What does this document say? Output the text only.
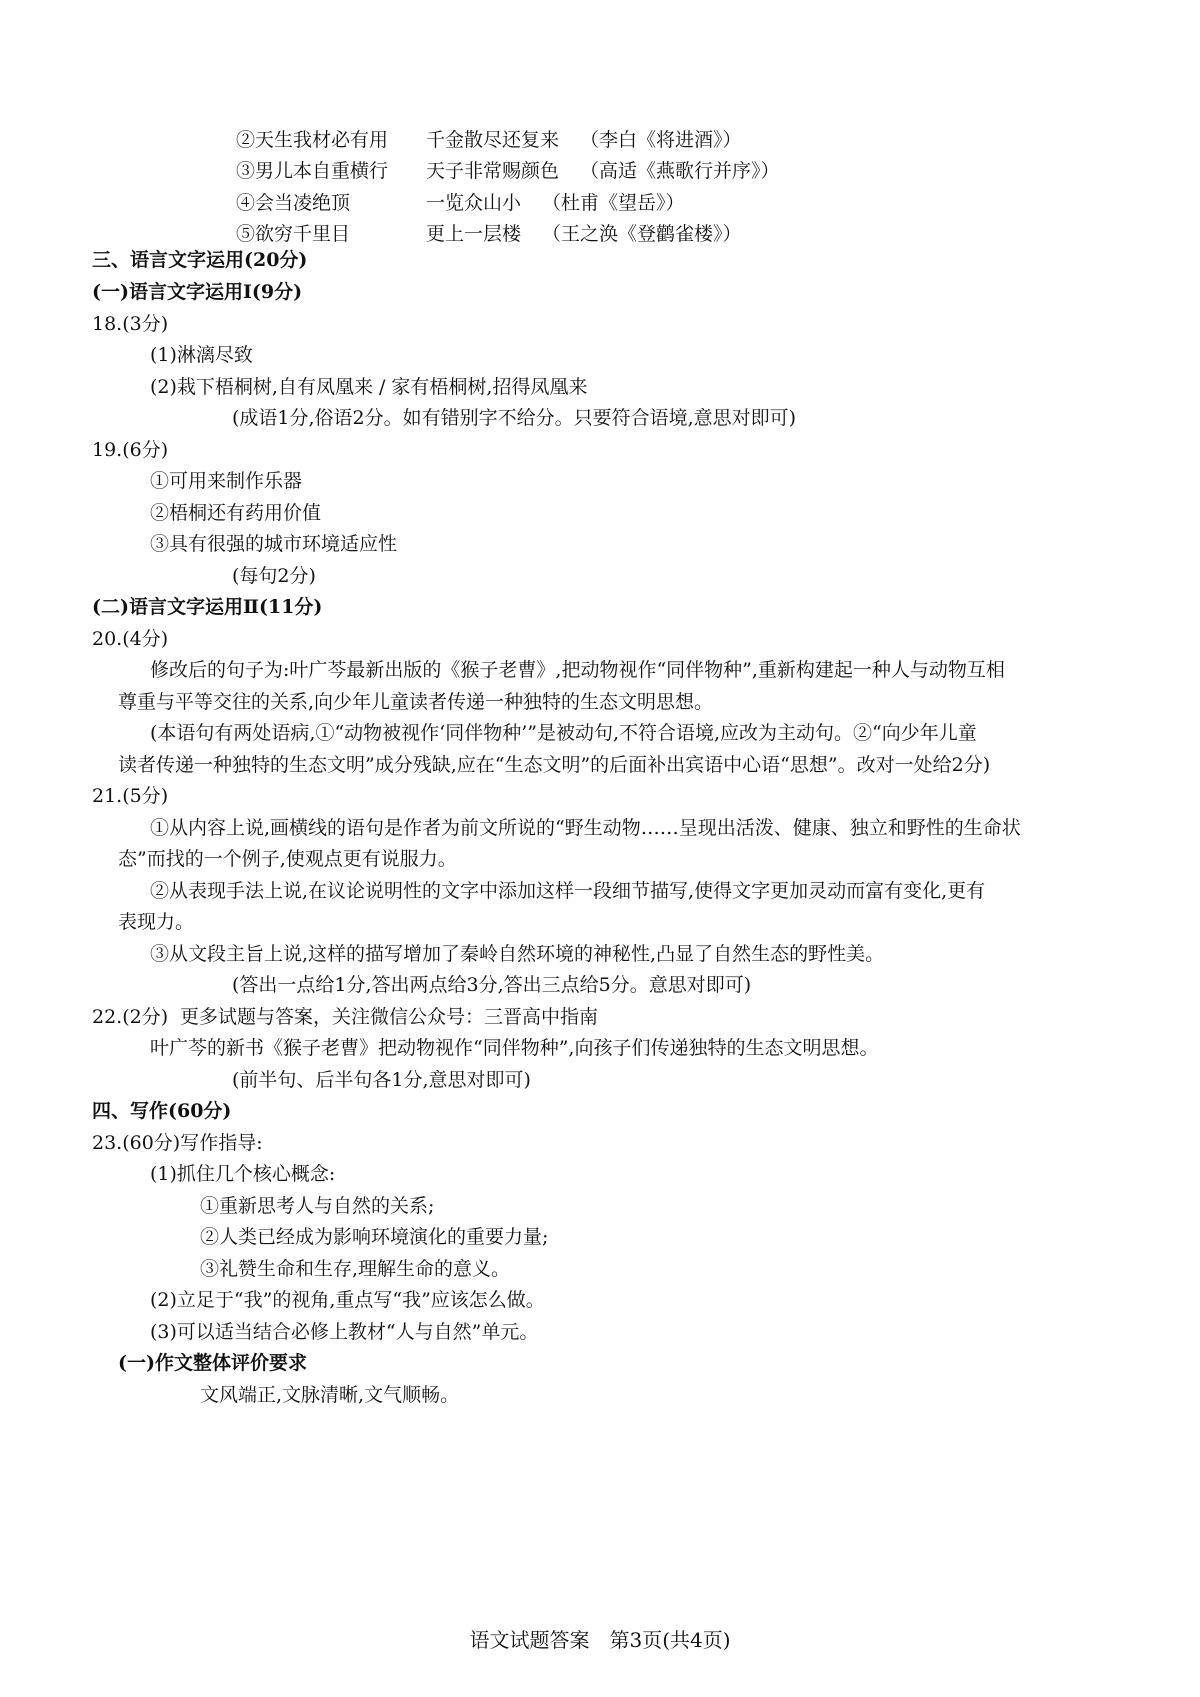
②天生我材必有用 千金散尽还复来 （李白《将进酒》）
③男儿本自重横行 天子非常赐颜色 （高适《燕歌行并序》）
④会当凌绝顶	一览众山小 （杜甫《望岳》）
⑤欲穷千里目	更上一层楼 （王之涣《登鹳雀楼》）
三、语言文字运用(20分)
(一)语言文字运用Ⅰ(9分)
18.(3分)
(1)淋漓尽致
(2)栽下梧桐树,自有凤凰来 / 家有梧桐树,招得凤凰来
(成语1分,俗语2分。如有错别字不给分。只要符合语境,意思对即可)
19.(6分)
①可用来制作乐器
②梧桐还有药用价值
③具有很强的城市环境适应性
(每句2分)
(二)语言文字运用Ⅱ(11分)
20.(4分)
修改后的句子为:叶广芩最新出版的《猴子老曹》,把动物视作“同伴物种”,重新构建起一种人与动物互相
尊重与平等交往的关系,向少年儿童读者传递一种独特的生态文明思想。
(本语句有两处语病,①“动物被视作‘同伴物种’”是被动句,不符合语境,应改为主动句。②“向少年儿童
读者传递一种独特的生态文明”成分残缺,应在“生态文明”的后面补出宾语中心语“思想”。改对一处给2分)
21.(5分)
①从内容上说,画横线的语句是作者为前文所说的“野生动物……呈现出活泼、健康、独立和野性的生命状
态”而找的一个例子,使观点更有说服力。
②从表现手法上说,在议论说明性的文字中添加这样一段细节描写,使得文字更加灵动而富有变化,更有
表现力。
③从文段主旨上说,这样的描写增加了秦岭自然环境的神秘性,凸显了自然生态的野性美。
(答出一点给1分,答出两点给3分,答出三点给5分。意思对即可)
22.(2分) 更多试题与答案，关注微信公众号：三晋高中指南
叶广芩的新书《猴子老曹》把动物视作“同伴物种”,向孩子们传递独特的生态文明思想。
(前半句、后半句各1分,意思对即可)
四、写作(60分)
23.(60分)写作指导:
(1)抓住几个核心概念:
①重新思考人与自然的关系;
②人类已经成为影响环境演化的重要力量;
③礼赞生命和生存,理解生命的意义。
(2)立足于“我”的视角,重点写“我”应该怎么做。
(3)可以适当结合必修上教材“人与自然”单元。
(一)作文整体评价要求
文风端正,文脉清晰,文气顺畅。
语文试题答案　第3页(共4页)
